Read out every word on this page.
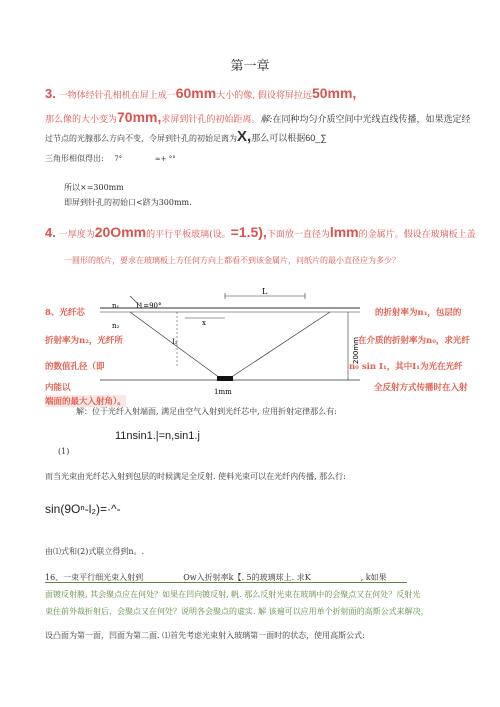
第一章
3. 一物体经针孔相机在屏上成一60mm大小的像, 假设将屏拉远50mm,
那么像的大小变为70mm,求屏到针孔的初始距离。解:在同种均匀介质空间中光线直线传播，如果选定经
过节点的光腺那么方向不变，令屏到针孔的初始足离为X,那么可以根据60_∑
三角形相似得出: 7°	≈+ °°
所以×=300mm
即屏到针孔的初始口<跻为300mm.
4. 一厚度为20Omm的平行平板玻璃(设。=1.5),下面放一直径为lmm的金属片。假设在玻璃板上盖
一圆形的纸片，要求在玻璃板上方任何方向上都看不到该金属片，问纸片的最小直径应为多少？
n₁ I1=90°
n₂
L
x
I₂	200mm
1mm
8、光纤芯	的折射率为n₁，包层的
折射率为n₂，光纤所	在介质的折射率为n₀，求光纤
的数值孔径（即	n₀ sin I₁，其中I₁为光在光纤
内能以	全反射方式传播时在入射
端面的最大入射角）。
解：位于光纤入射端面, 满足由空气入射到光纤芯中, 应用折射定律那么有:
11nsin1.|=n,sin1.j
(1)
而当光束由光纤芯入射到包层的时候满足全反射. 使料光束可以在光纤内传播, 那么行:
sin(9Oⁿ-l₂)=·^-
由⑴式和(2)式联立得到n。.
16、一束平行细光束入射到	Ow入折射率k【. 5的玻璃球上. 求K	, k如果
面镀反射膜, 其会聚点应在何处？如果在凹向镀反射, 帆. 那么反射光束在玻璃中的会聚点又在何处？反射光
束住前外裁折射后，会聚点又在何处？说明各会聚点的虚实. 解 该遍可以应用单个折射面的高斯公式来解决，
设凸面为第一面，凹面为第二面. ⑴首先考虑光束射入玻璃第一面时的状态，使用高斯公式:
